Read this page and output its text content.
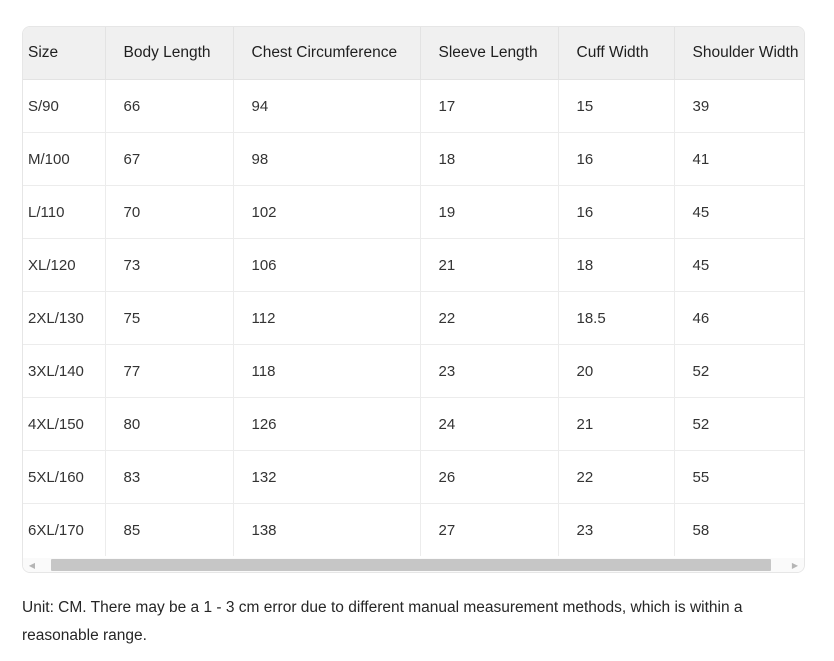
Size	Body Length	Chest Circumference	Sleeve Length	Cuff Width	Shoulder Width
S/90	66	94	17	15	39
M/100	67	98	18	16	41
L/110	70	102	19	16	45
XL/120	73	106	21	18	45
2XL/130	75	112	22	18.5	46
3XL/140	77	118	23	20	52
4XL/150	80	126	24	21	52
5XL/160	83	132	26	22	55
6XL/170	85	138	27	23	58
◀	▶
Unit: CM. There may be a 1 - 3 cm error due to different manual measurement methods, which is within a reasonable range.
